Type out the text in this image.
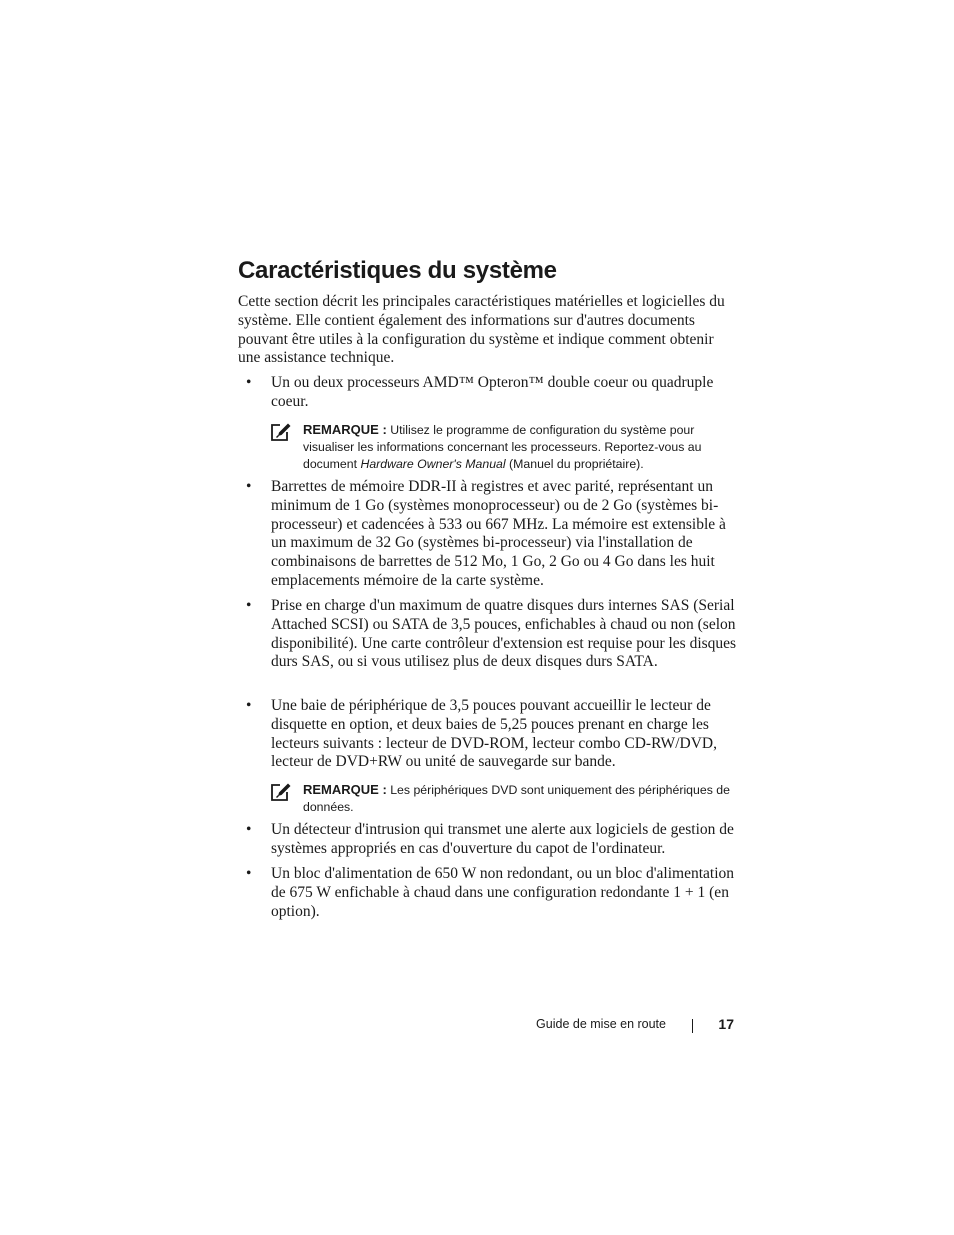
Caractéristiques du système

Cette section décrit les principales caractéristiques matérielles et logicielles du système. Elle contient également des informations sur d'autres documents pouvant être utiles à la configuration du système et indique comment obtenir une assistance technique.

• Un ou deux processeurs AMD™ Opteron™ double coeur ou quadruple coeur.
• Barrettes de mémoire DDR-II à registres et avec parité, représentant un minimum de 1 Go (systèmes monoprocesseur) ou de 2 Go (systèmes bi-processeur) et cadencées à 533 ou 667 MHz. La mémoire est extensible à un maximum de 32 Go (systèmes bi-processeur) via l'installation de combinaisons de barrettes de 512 Mo, 1 Go, 2 Go ou 4 Go dans les huit emplacements mémoire de la carte système.
• Prise en charge d'un maximum de quatre disques durs internes SAS (Serial Attached SCSI) ou SATA de 3,5 pouces, enfichables à chaud ou non (selon disponibilité). Une carte contrôleur d'extension est requise pour les disques durs SAS, ou si vous utilisez plus de deux disques durs SATA.
• Une baie de périphérique de 3,5 pouces pouvant accueillir le lecteur de disquette en option, et deux baies de 5,25 pouces prenant en charge les lecteurs suivants : lecteur de DVD-ROM, lecteur combo CD-RW/DVD, lecteur de DVD+RW ou unité de sauvegarde sur bande.
• Un détecteur d'intrusion qui transmet une alerte aux logiciels de gestion de systèmes appropriés en cas d'ouverture du capot de l'ordinateur.
• Un bloc d'alimentation de 650 W non redondant, ou un bloc d'alimentation de 675 W enfichable à chaud dans une configuration redondante 1 + 1 (en option).
REMARQUE : Utilisez le programme de configuration du système pour visualiser les informations concernant les processeurs. Reportez-vous au document Hardware Owner's Manual (Manuel du propriétaire).
REMARQUE : Les périphériques DVD sont uniquement des périphériques de données.
Guide de mise en route	17
